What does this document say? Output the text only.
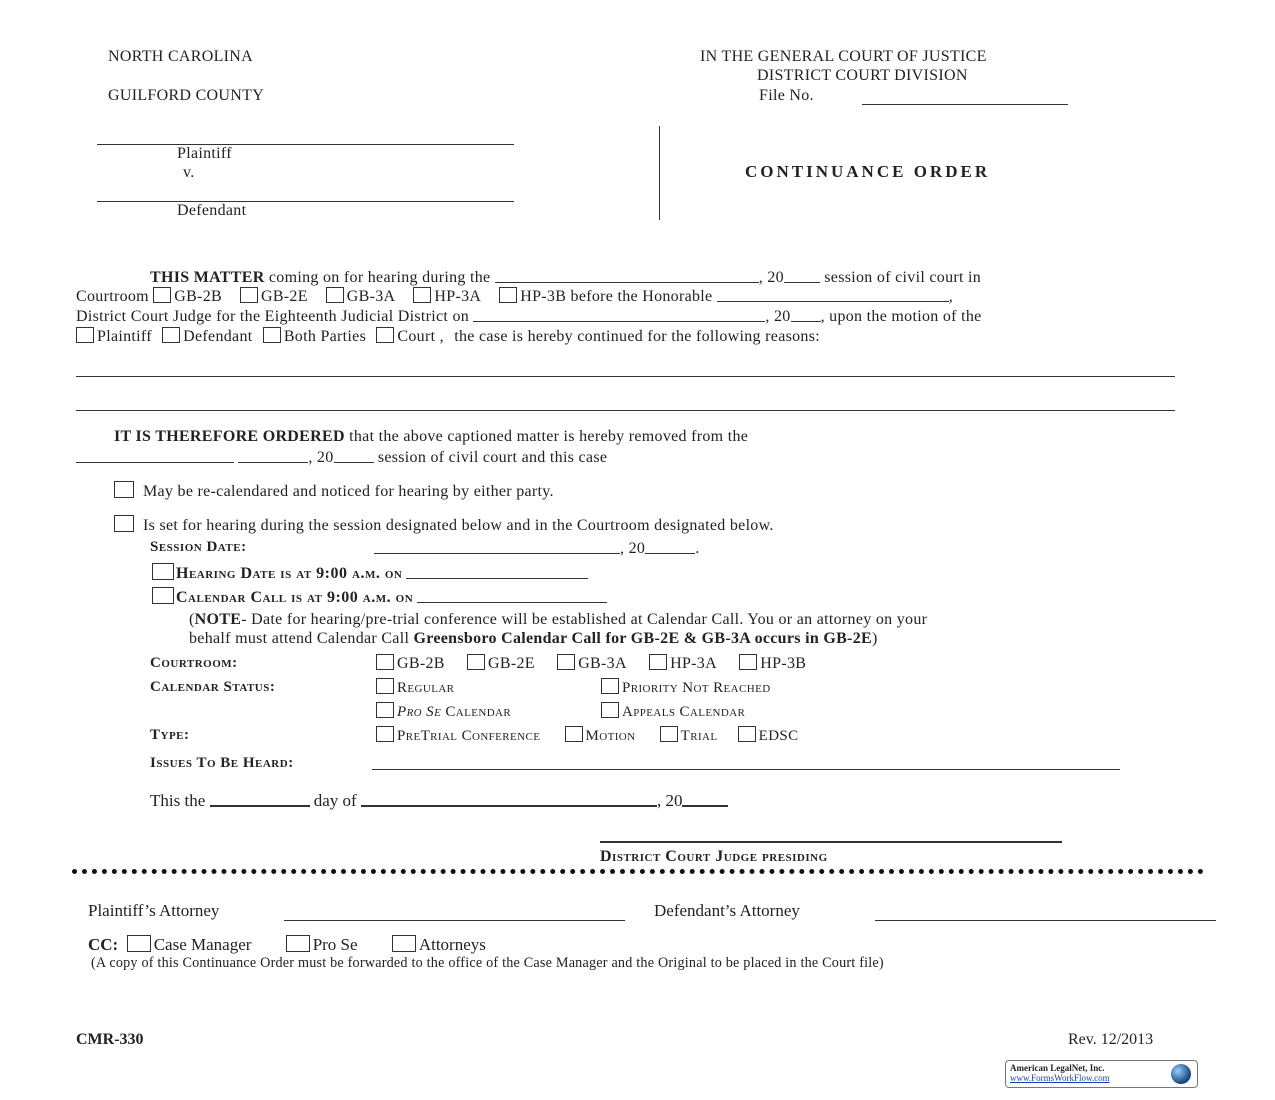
NORTH CAROLINA
GUILFORD COUNTY
IN THE GENERAL COURT OF JUSTICE
DISTRICT COURT DIVISION
File No.
Plaintiff
v.
Defendant
CONTINUANCE ORDER
THIS MATTER coming on for hearing during the	, 20	session of civil court in
Courtroom GB-2B GB-2E GB-3A HP-3A HP-3B before the Honorable	,
District Court Judge for the Eighteenth Judicial District on	, 20 , upon the motion of the
Plaintiff Defendant Both Parties Court , the case is hereby continued for the following reasons:
IT IS THEREFORE ORDERED that the above captioned matter is hereby removed from the
, 20	session of civil court and this case
May be re-calendared and noticed for hearing by either party.
Is set for hearing during the session designated below and in the Courtroom designated below.
Session Date:	, 20	.
Hearing Date is at 9:00 a.m. on
Calendar Call is at 9:00 a.m. on
(NOTE- Date for hearing/pre-trial conference will be established at Calendar Call. You or an attorney on your
behalf must attend Calendar Call Greensboro Calendar Call for GB-2E & GB-3A occurs in GB-2E)
Courtroom:	GB-2B	GB-2E	GB-3A	HP-3A	HP-3B
Calendar Status:	Regular	Priority Not Reached
Pro Se Calendar	Appeals Calendar
Type:	PreTrial Conference	Motion	Trial	EDSC
Issues To Be Heard:
This the	day of	, 20
District Court Judge presiding
Plaintiff’s Attorney	Defendant’s Attorney
CC: Case Manager	Pro Se	Attorneys
(A copy of this Continuance Order must be forwarded to the office of the Case Manager and the Original to be placed in the Court file)
CMR-330	Rev. 12/2013
American LegalNet, Inc.
www.FormsWorkFlow.com
